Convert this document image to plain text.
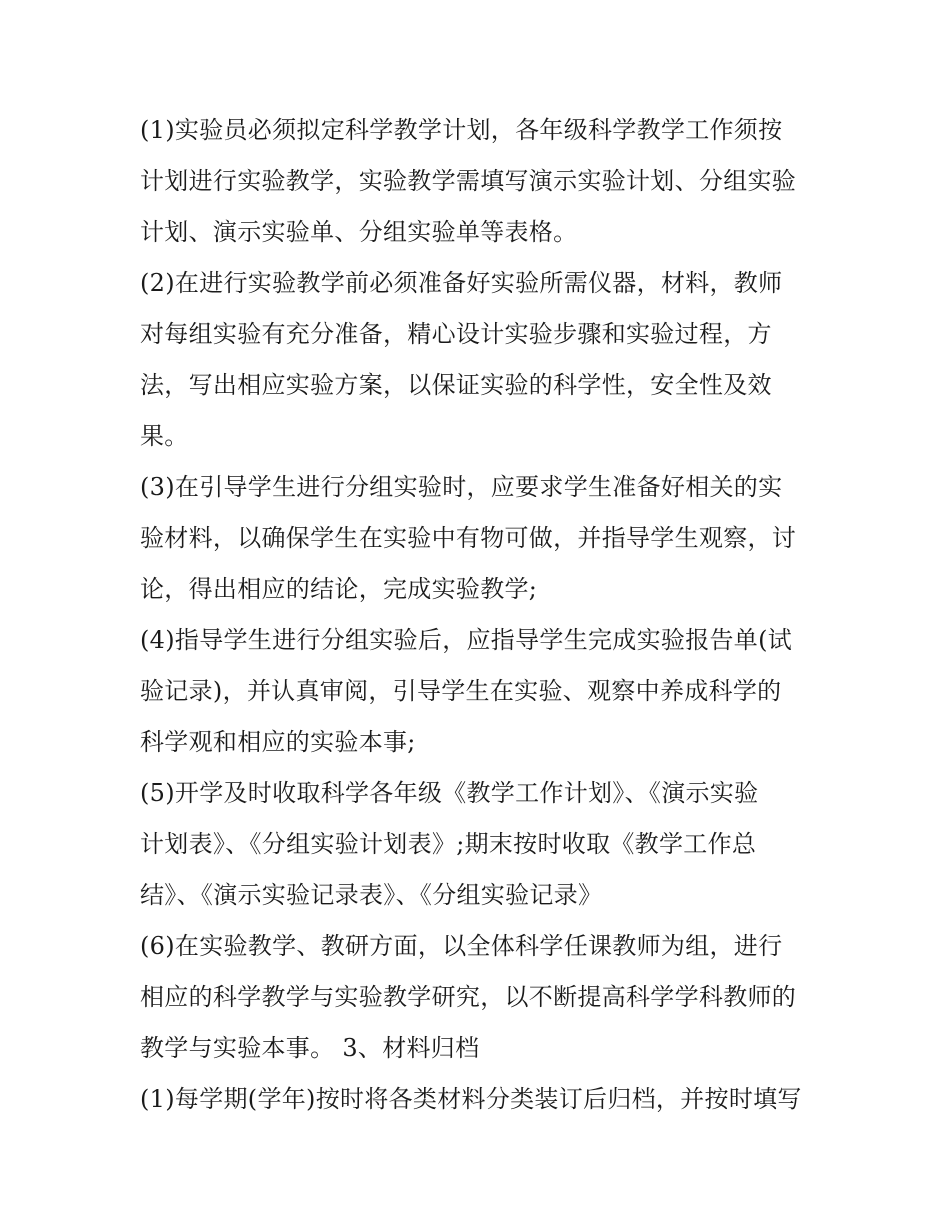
(1)实验员必须拟定科学教学计划，各年级科学教学工作须按
计划进行实验教学，实验教学需填写演示实验计划、分组实验
计划、演示实验单、分组实验单等表格。
(2)在进行实验教学前必须准备好实验所需仪器，材料，教师
对每组实验有充分准备，精心设计实验步骤和实验过程，方
法，写出相应实验方案，以保证实验的科学性，安全性及效
果。
(3)在引导学生进行分组实验时，应要求学生准备好相关的实
验材料，以确保学生在实验中有物可做，并指导学生观察，讨
论，得出相应的结论，完成实验教学;
(4)指导学生进行分组实验后，应指导学生完成实验报告单(试
验记录)，并认真审阅，引导学生在实验、观察中养成科学的
科学观和相应的实验本事;
(5)开学及时收取科学各年级《教学工作计划》、《演示实验
计划表》、《分组实验计划表》;期末按时收取《教学工作总
结》、《演示实验记录表》、《分组实验记录》
(6)在实验教学、教研方面，以全体科学任课教师为组，进行
相应的科学教学与实验教学研究，以不断提高科学学科教师的
教学与实验本事。 3、材料归档
(1)每学期(学年)按时将各类材料分类装订后归档，并按时填写
